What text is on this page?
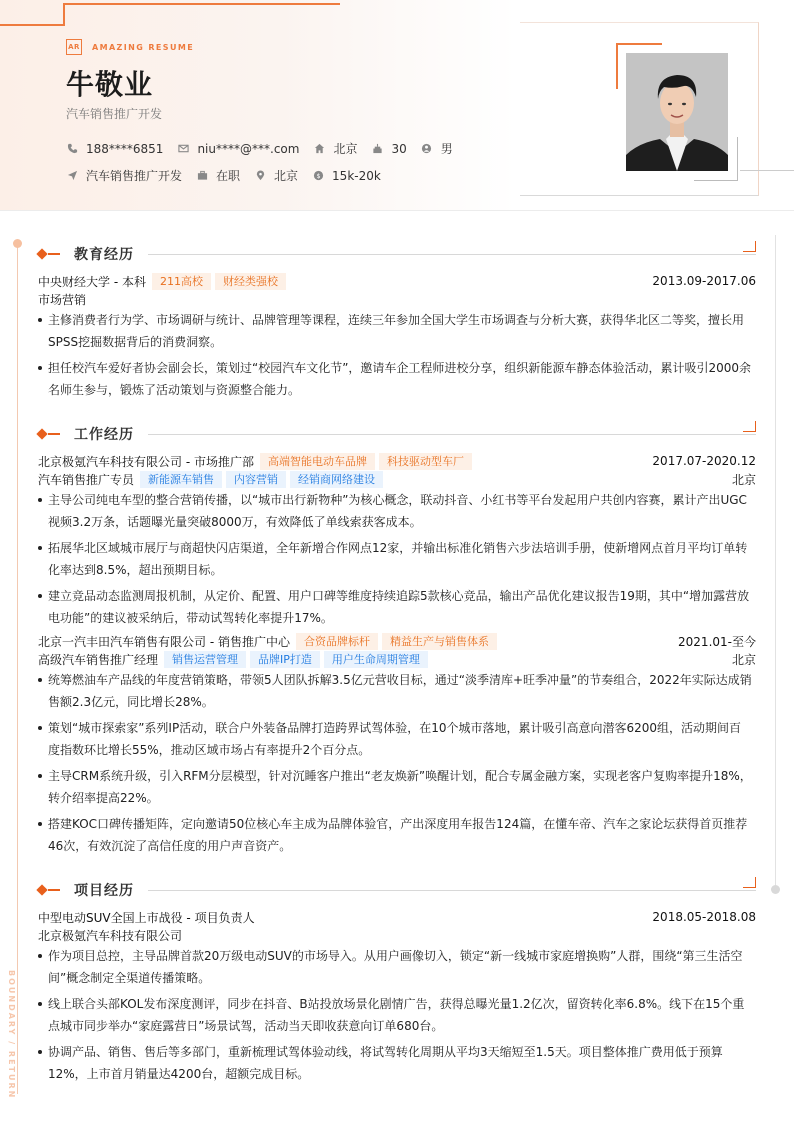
AR AMAZING RESUME
牛敬业
汽车销售推广开发
188****6851	niu****@***.com	北京	30	男
汽车销售推广开发	在职	北京	$ 15k-20k
BOUNDARY / RETURN
教育经历
中央财经大学 - 本科	211高校	财经类强校	2013.09-2017.06
市场营销
主修消费者行为学、市场调研与统计、品牌管理等课程，连续三年参加全国大学生市场调查与分析大赛，获得华北区二等奖，擅长用SPSS挖掘数据背后的消费洞察。
担任校汽车爱好者协会副会长，策划过“校园汽车文化节”，邀请车企工程师进校分享，组织新能源车静态体验活动，累计吸引2000余名师生参与，锻炼了活动策划与资源整合能力。
工作经历
北京极氪汽车科技有限公司 - 市场推广部	高端智能电动车品牌	科技驱动型车厂	2017.07-2020.12
汽车销售推广专员	新能源车销售	内容营销	经销商网络建设	北京
主导公司纯电车型的整合营销传播，以“城市出行新物种”为核心概念，联动抖音、小红书等平台发起用户共创内容赛，累计产出UGC视频3.2万条，话题曝光量突破8000万，有效降低了单线索获客成本。
拓展华北区域城市展厅与商超快闪店渠道，全年新增合作网点12家，并输出标准化销售六步法培训手册，使新增网点首月平均订单转化率达到8.5%，超出预期目标。
建立竞品动态监测周报机制，从定价、配置、用户口碑等维度持续追踪5款核心竞品，输出产品优化建议报告19期，其中“增加露营放电功能”的建议被采纳后，带动试驾转化率提升17%。
北京一汽丰田汽车销售有限公司 - 销售推广中心	合资品牌标杆	精益生产与销售体系	2021.01-至今
高级汽车销售推广经理	销售运营管理	品牌IP打造	用户生命周期管理	北京
统筹燃油车产品线的年度营销策略，带领5人团队拆解3.5亿元营收目标，通过“淡季清库+旺季冲量”的节奏组合，2022年实际达成销售额2.3亿元，同比增长28%。
策划“城市探索家”系列IP活动，联合户外装备品牌打造跨界试驾体验，在10个城市落地，累计吸引高意向潜客6200组，活动期间百度指数环比增长55%，推动区域市场占有率提升2个百分点。
主导CRM系统升级，引入RFM分层模型，针对沉睡客户推出“老友焕新”唤醒计划，配合专属金融方案，实现老客户复购率提升18%，转介绍率提高22%。
搭建KOC口碑传播矩阵，定向邀请50位核心车主成为品牌体验官，产出深度用车报告124篇，在懂车帝、汽车之家论坛获得首页推荐46次，有效沉淀了高信任度的用户声音资产。
项目经历
中型电动SUV全国上市战役 - 项目负责人	2018.05-2018.08
北京极氪汽车科技有限公司
作为项目总控，主导品牌首款20万级电动SUV的市场导入。从用户画像切入，锁定“新一线城市家庭增换购”人群，围绕“第三生活空间”概念制定全渠道传播策略。
线上联合头部KOL发布深度测评，同步在抖音、B站投放场景化剧情广告，获得总曝光量1.2亿次，留资转化率6.8%。线下在15个重点城市同步举办“家庭露营日”场景试驾，活动当天即收获意向订单680台。
协调产品、销售、售后等多部门，重新梳理试驾体验动线，将试驾转化周期从平均3天缩短至1.5天。项目整体推广费用低于预算12%，上市首月销量达4200台，超额完成目标。
